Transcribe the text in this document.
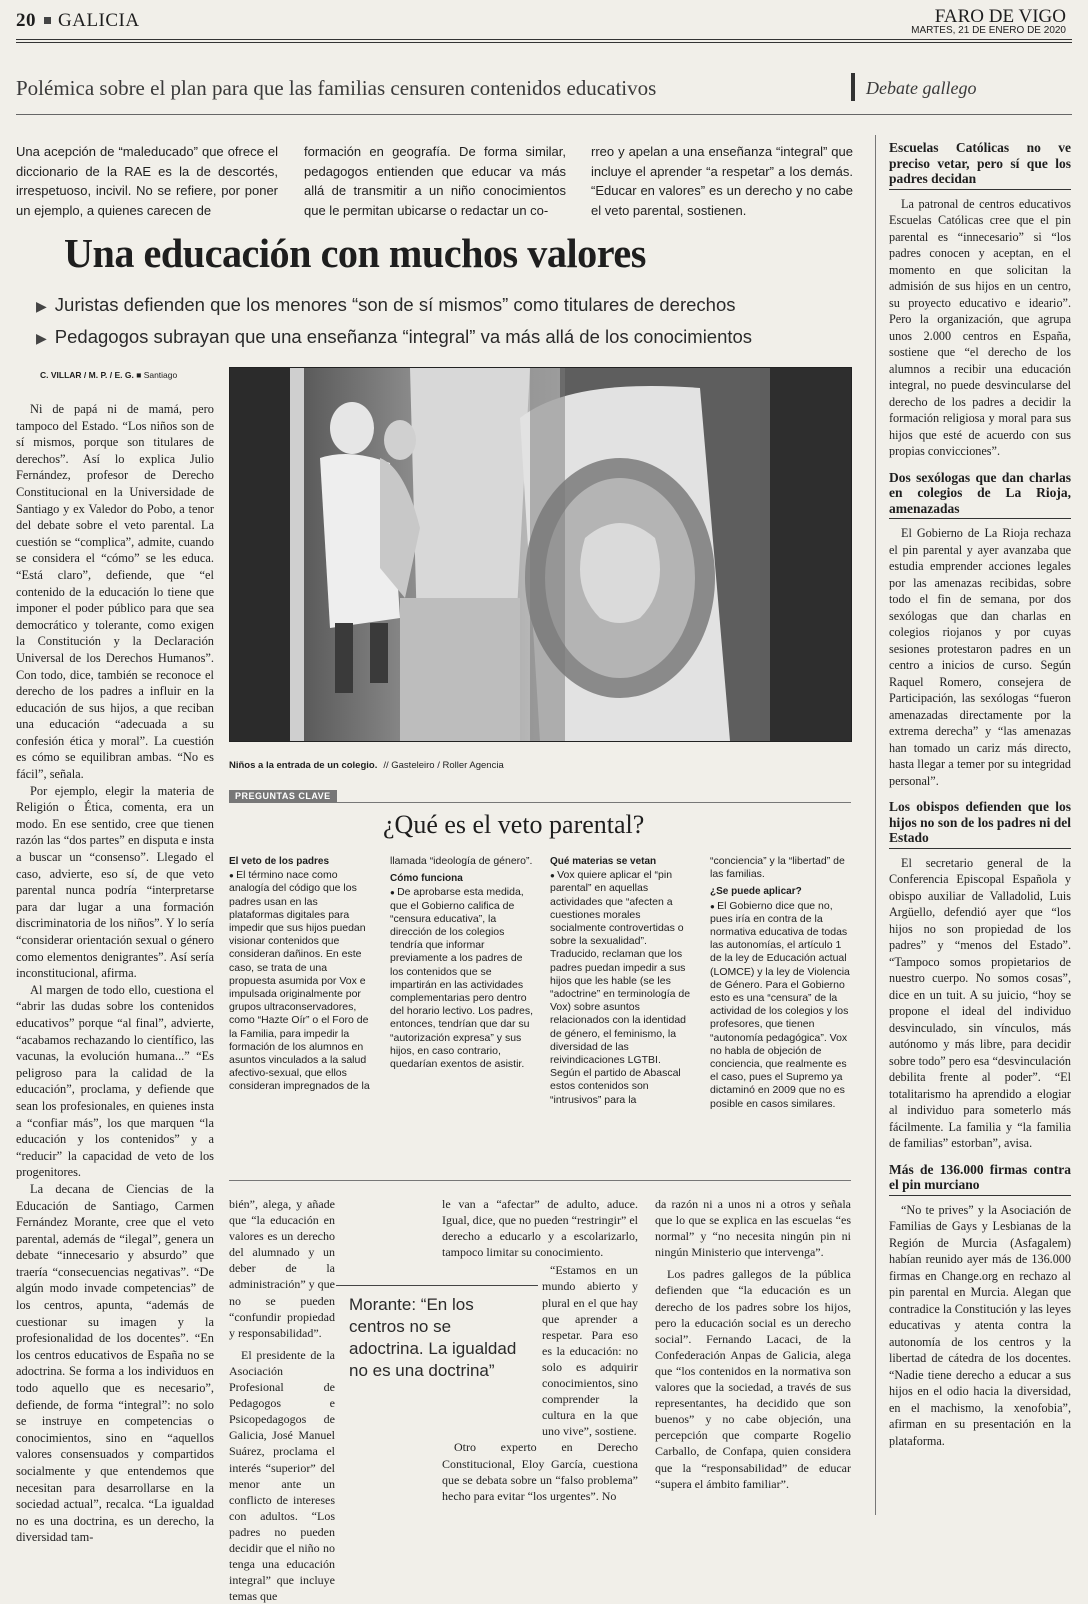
20 GALICIA	FARO DE VIGO
MARTES, 21 DE ENERO DE 2020
Polémica sobre el plan para que las familias censuren contenidos educativos	Debate gallego
Una acepción de “maleducado” que ofrece el diccionario de la RAE es la de descortés, irrespetuoso, incivil. No se refiere, por poner un ejemplo, a quienes carecen de
formación en geografía. De forma similar, pedagogos entienden que educar va más allá de transmitir a un niño conocimientos que le permitan ubicarse o redactar un co-
rreo y apelan a una enseñanza “integral” que incluye el aprender “a respetar” a los demás. “Educar en valores” es un derecho y no cabe el veto parental, sostienen.
Una educación con muchos valores
▶ Juristas defienden que los menores “son de sí mismos” como titulares de derechos
▶ Pedagogos subrayan que una enseñanza “integral” va más allá de los conocimientos
C. VILLAR / M. P. / E. G. ■ Santiago

Ni de papá ni de mamá, pero tampoco del Estado. “Los niños son de sí mismos, porque son titulares de derechos”. Así lo explica Julio Fernández, profesor de Derecho Constitucional en la Universidade de Santiago y ex Valedor do Pobo, a tenor del debate sobre el veto parental. La cuestión se “complica”, admite, cuando se considera el “cómo” se les educa. “Está claro”, defiende, que “el contenido de la educación lo tiene que imponer el poder público para que sea democrático y tolerante, como exigen la Constitución y la Declaración Universal de los Derechos Humanos”. Con todo, dice, también se reconoce el derecho de los padres a influir en la educación de sus hijos, a que reciban una educación “adecuada a su confesión ética y moral”. La cuestión es cómo se equilibran ambas. “No es fácil”, señala.

Por ejemplo, elegir la materia de Religión o Ética, comenta, era un modo. En ese sentido, cree que tienen razón las “dos partes” en disputa e insta a buscar un “consenso”. Llegado el caso, advierte, eso sí, de que veto parental nunca podría “interpretarse para dar lugar a una formación discriminatoria de los niños”. Y lo sería “considerar orientación sexual o género como elementos denigrantes”. Así sería inconstitucional, afirma.

Al margen de todo ello, cuestiona el “abrir las dudas sobre los contenidos educativos” porque “al final”, advierte, “acabamos rechazando lo científico, las vacunas, la evolución humana...” “Es peligroso para la calidad de la educación”, proclama, y defiende que sean los profesionales, en quienes insta a “confiar más”, los que marquen “la educación y los contenidos” y a “reducir” la capacidad de veto de los progenitores.

La decana de Ciencias de la Educación de Santiago, Carmen Fernández Morante, cree que el veto parental, además de “ilegal”, genera un debate “innecesario y absurdo” que traería “consecuencias negativas”. “De algún modo invade competencias” de los centros, apunta, “además de cuestionar su imagen y la profesionalidad de los docentes”. “En los centros educativos de España no se adoctrina. Se forma a los individuos en todo aquello que es necesario”, defiende, de forma “integral”: no solo se instruye en competencias o conocimientos, sino en “aquellos valores consensuados y compartidos socialmente y que entendemos que necesitan para desarrollarse en la sociedad actual”, recalca. “La igualdad no es una doctrina, es un derecho, la diversidad tam-

Niños a la entrada de un colegio. // Gasteleiro / Roller Agencia
PREGUNTAS CLAVE
¿Qué es el veto parental?
El veto de los padres

● El término nace como analogía del código que los padres usan en las plataformas digitales para impedir que sus hijos puedan visionar contenidos que consideran dañinos. En este caso, se trata de una propuesta asumida por Vox e impulsada originalmente por grupos ultraconservadores, como “Hazte Oír” o el Foro de la Familia, para impedir la formación de los alumnos en asuntos vinculados a la salud afectivo-sexual, que ellos consideran impregnados de la

llamada “ideología de género”.

Cómo funciona

● De aprobarse esta medida, que el Gobierno califica de “censura educativa”, la dirección de los colegios tendría que informar previamente a los padres de los contenidos que se impartirán en las actividades complementarias pero dentro del horario lectivo. Los padres, entonces, tendrían que dar su “autorización expresa” y sus hijos, en caso contrario, quedarían exentos de asistir.

Qué materias se vetan

● Vox quiere aplicar el “pin parental” en aquellas actividades que “afecten a cuestiones morales socialmente controvertidas o sobre la sexualidad”. Traducido, reclaman que los padres puedan impedir a sus hijos que les hable (se les “adoctrine” en terminología de Vox) sobre asuntos relacionados con la identidad de género, el feminismo, la diversidad de las reivindicaciones LGTBI. Según el partido de Abascal estos contenidos son “intrusivos” para la

“conciencia” y la “libertad” de las familias.

¿Se puede aplicar?

● El Gobierno dice que no, pues iría en contra de la normativa educativa de todas las autonomías, el artículo 1 de la ley de Educación actual (LOMCE) y la ley de Violencia de Género. Para el Gobierno esto es una “censura” de la actividad de los colegios y los profesores, que tienen “autonomía pedagógica”. Vox no habla de objeción de conciencia, que realmente es el caso, pues el Supremo ya dictaminó en 2009 que no es posible en casos similares.

bién”, alega, y añade que “la educación en valores es un derecho del alumnado y un deber de la administración” y que no se pueden “confundir propiedad y responsabilidad”.

El presidente de la Asociación Profesional de Pedagogos e Psicopedagogos de Galicia, José Manuel Suárez, proclama el interés “superior” del menor ante un conflicto de intereses con adultos. “Los padres no pueden decidir que el niño no tenga una educación integral” que incluye temas que

le van a “afectar” de adulto, aduce. Igual, dice, que no pueden “restringir” el derecho a educarlo y a escolarizarlo, tampoco limitar su conocimiento.

“Estamos en un mundo abierto y plural en el que hay que aprender a respetar. Para eso es la educación: no solo es adquirir conocimientos, sino comprender la cultura en la que uno vive”, sostiene.

Otro experto en Derecho Constitucional, Eloy García, cuestiona que se debata sobre un “falso problema” hecho para evitar “los urgentes”. No

da razón ni a unos ni a otros y señala que lo que se explica en las escuelas “es normal” y “no necesita ningún pin ni ningún Ministerio que intervenga”.

Los padres gallegos de la pública defienden que “la educación es un derecho de los padres sobre los hijos, pero la educación social es un derecho social”. Fernando Lacaci, de la Confederación Anpas de Galicia, alega que “los contenidos en la normativa son valores que la sociedad, a través de sus representantes, ha decidido que son buenos” y no cabe objeción, una percepción que comparte Rogelio Carballo, de Confapa, quien considera que la “responsabilidad” de educar “supera el ámbito familiar”.

Morante: “En los centros no se adoctrina. La igualdad no es una doctrina”
Escuelas Católicas no ve preciso vetar, pero sí que los padres decidan

La patronal de centros educativos Escuelas Católicas cree que el pin parental es “innecesario” si “los padres conocen y aceptan, en el momento en que solicitan la admisión de sus hijos en un centro, su proyecto educativo e ideario”. Pero la organización, que agrupa unos 2.000 centros en España, sostiene que “el derecho de los alumnos a recibir una educación integral, no puede desvincularse del derecho de los padres a decidir la formación religiosa y moral para sus hijos que esté de acuerdo con sus propias convicciones”.

Dos sexólogas que dan charlas en colegios de La Rioja, amenazadas

El Gobierno de La Rioja rechaza el pin parental y ayer avanzaba que estudia emprender acciones legales por las amenazas recibidas, sobre todo el fin de semana, por dos sexólogas que dan charlas en colegios riojanos y por cuyas sesiones protestaron padres en un centro a inicios de curso. Según Raquel Romero, consejera de Participación, las sexólogas “fueron amenazadas directamente por la extrema derecha” y “las amenazas han tomado un cariz más directo, hasta llegar a temer por su integridad personal”.

Los obispos defienden que los hijos no son de los padres ni del Estado

El secretario general de la Conferencia Episcopal Española y obispo auxiliar de Valladolid, Luis Argüello, defendió ayer que “los hijos no son propiedad de los padres” y “menos del Estado”. “Tampoco somos propietarios de nuestro cuerpo. No somos cosas”, dice en un tuit. A su juicio, “hoy se propone el ideal del individuo desvinculado, sin vínculos, más autónomo y más libre, para decidir sobre todo” pero esa “desvinculación debilita frente al poder”. “El totalitarismo ha aprendido a elogiar al individuo para someterlo más fácilmente. La familia y “la familia de familias” estorban”, avisa.

Más de 136.000 firmas contra el pin murciano

“No te prives” y la Asociación de Familias de Gays y Lesbianas de la Región de Murcia (Asfagalem) habían reunido ayer más de 136.000 firmas en Change.org en rechazo al pin parental en Murcia. Alegan que contradice la Constitución y las leyes educativas y atenta contra la autonomía de los centros y la libertad de cátedra de los docentes. “Nadie tiene derecho a educar a sus hijos en el odio hacia la diversidad, en el machismo, la xenofobia”, afirman en su presentación en la plataforma.
